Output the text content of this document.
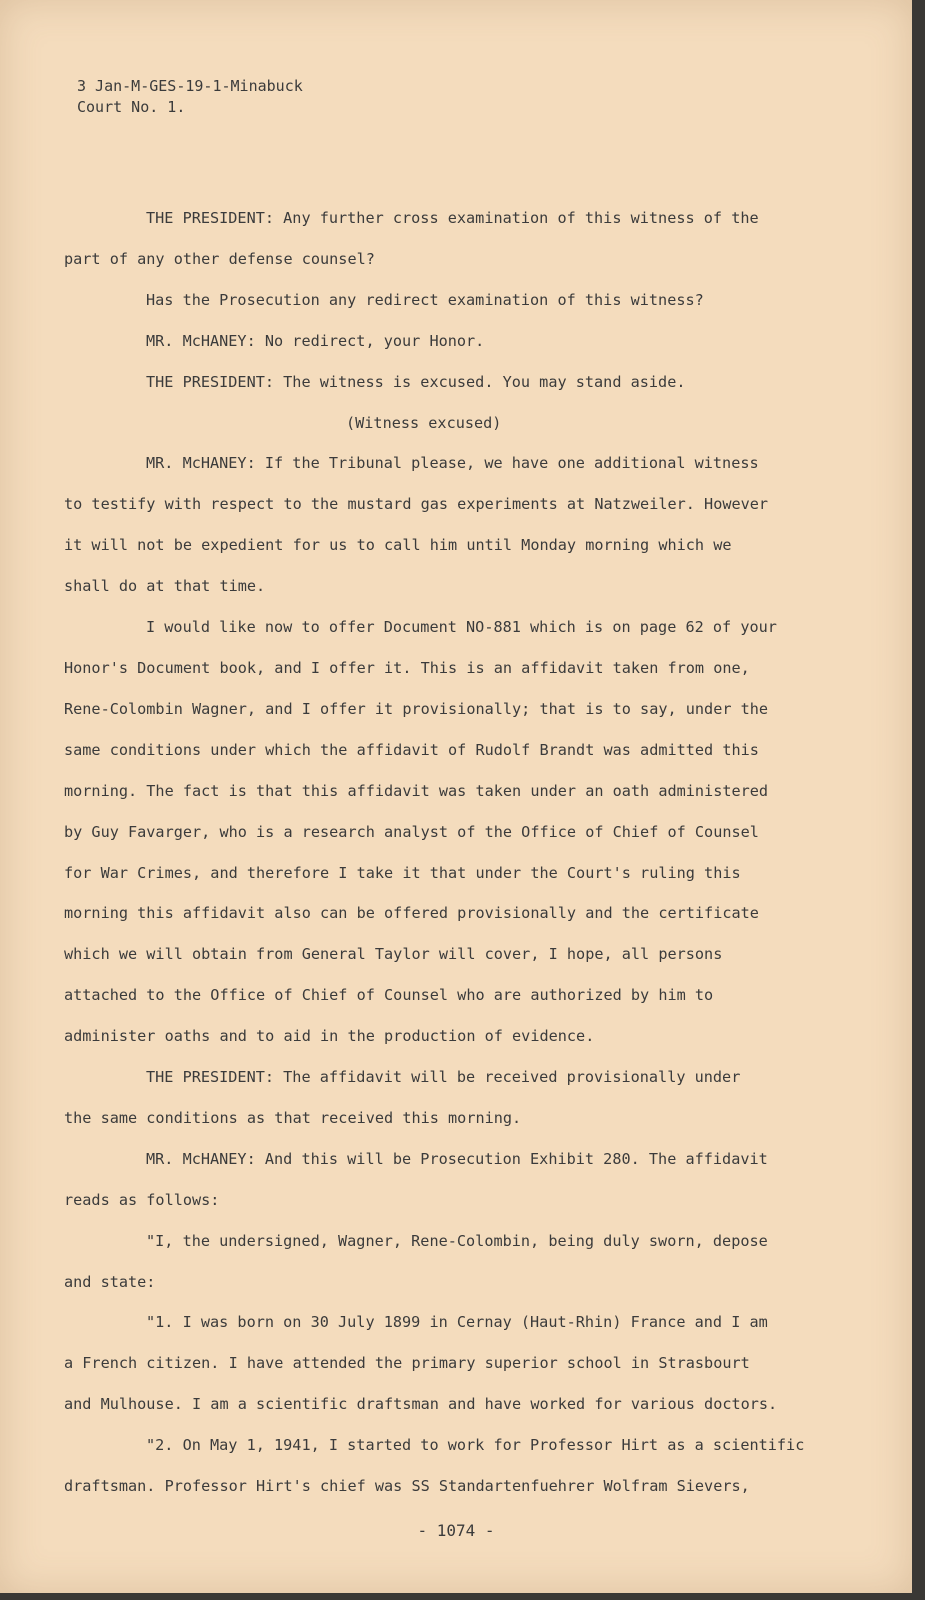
3 Jan-M-GES-19-1-Minabuck
Court No. 1.

THE PRESIDENT: Any further cross examination of this witness of the

part of any other defense counsel?

Has the Prosecution any redirect examination of this witness?

MR. McHANEY: No redirect, your Honor.

THE PRESIDENT: The witness is excused. You may stand aside.

(Witness excused)

MR. McHANEY: If the Tribunal please, we have one additional witness

to testify with respect to the mustard gas experiments at Natzweiler. However

it will not be expedient for us to call him until Monday morning which we

shall do at that time.

I would like now to offer Document NO-881 which is on page 62 of your

Honor's Document book, and I offer it. This is an affidavit taken from one,

Rene-Colombin Wagner, and I offer it provisionally; that is to say, under the

same conditions under which the affidavit of Rudolf Brandt was admitted this

morning. The fact is that this affidavit was taken under an oath administered

by Guy Favarger, who is a research analyst of the Office of Chief of Counsel

for War Crimes, and therefore I take it that under the Court's ruling this

morning this affidavit also can be offered provisionally and the certificate

which we will obtain from General Taylor will cover, I hope, all persons

attached to the Office of Chief of Counsel who are authorized by him to

administer oaths and to aid in the production of evidence.

THE PRESIDENT: The affidavit will be received provisionally under

the same conditions as that received this morning.

MR. McHANEY: And this will be Prosecution Exhibit 280. The affidavit

reads as follows:

"I, the undersigned, Wagner, Rene-Colombin, being duly sworn, depose

and state:

"1. I was born on 30 July 1899 in Cernay (Haut-Rhin) France and I am

a French citizen. I have attended the primary superior school in Strasbourt

and Mulhouse. I am a scientific draftsman and have worked for various doctors.

"2. On May 1, 1941, I started to work for Professor Hirt as a scientific

draftsman. Professor Hirt's chief was SS Standartenfuehrer Wolfram Sievers,

- 1074 -
